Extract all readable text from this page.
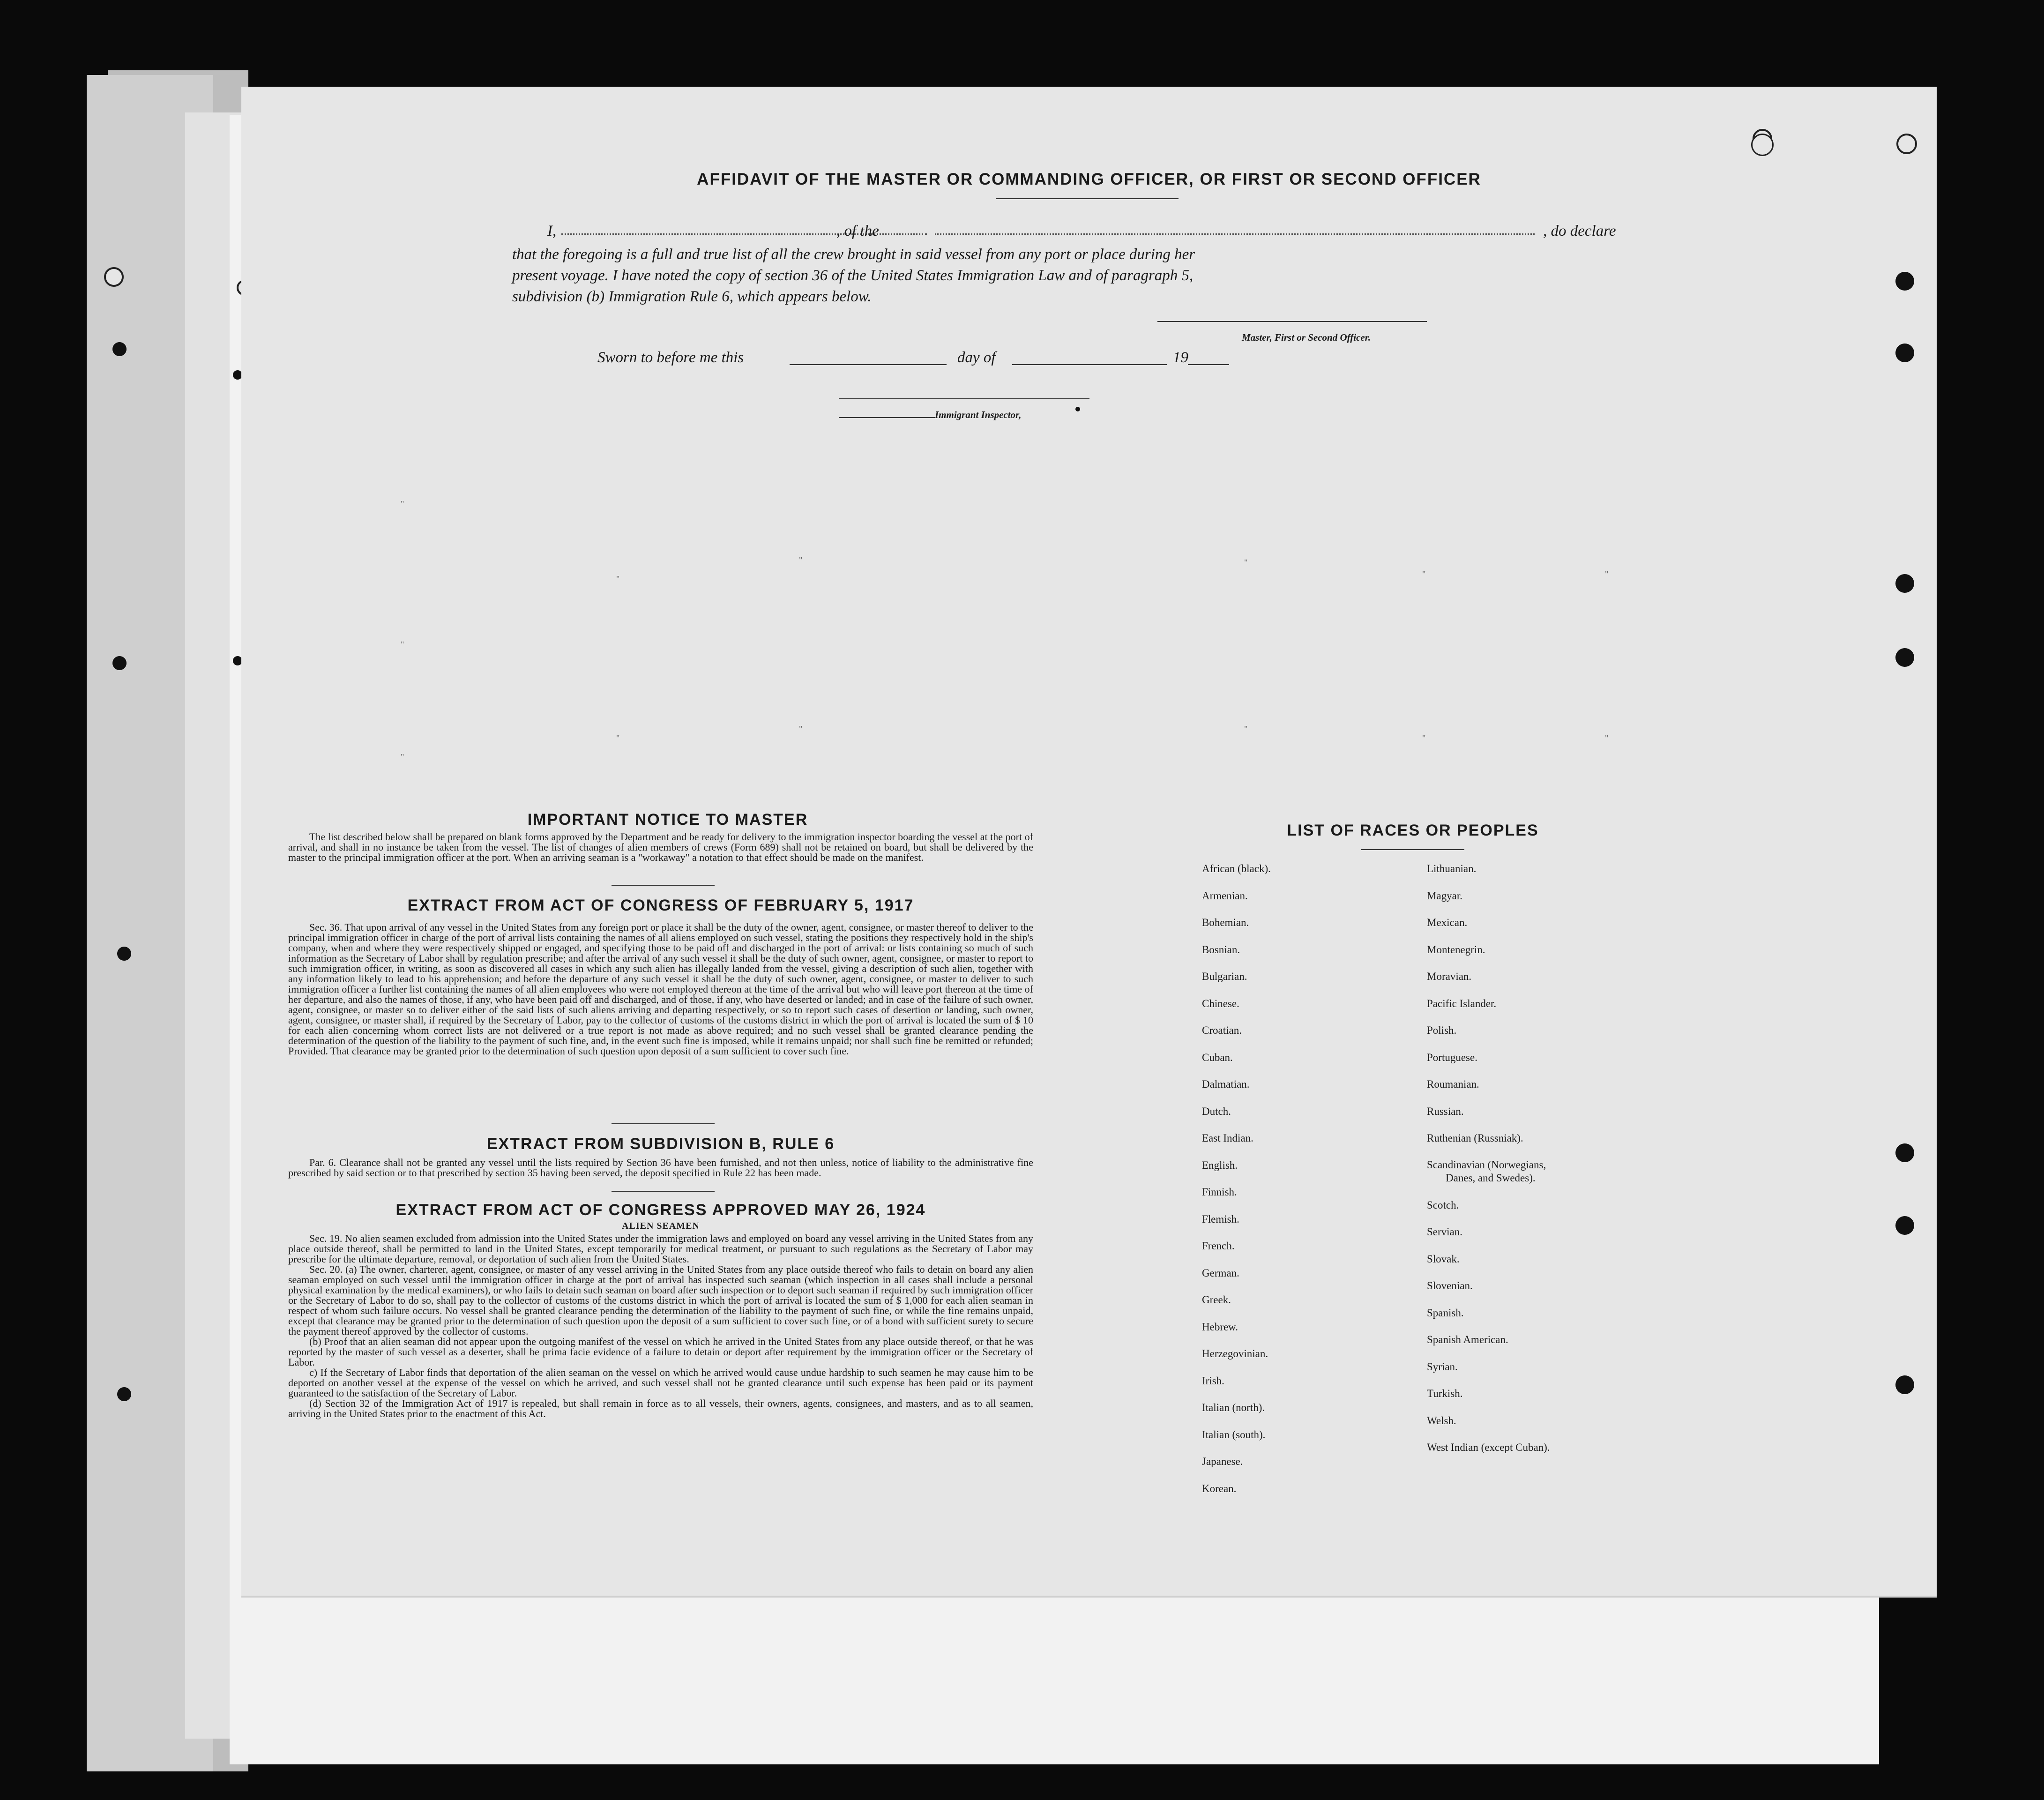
AFFIDAVIT OF THE MASTER OR COMMANDING OFFICER, OR FIRST OR SECOND OFFICER
I,	, of the	, do declare
that the foregoing is a full and true list of all the crew brought in said vessel from any port or place during her
present voyage. I have noted the copy of section 36 of the United States Immigration Law and of paragraph 5,
subdivision (b) Immigration Rule 6, which appears below.
Master, First or Second Officer.
Sworn to before me this	day of	19
Immigrant Inspector,
"
"
"
"
"
"
"
"
"
"
"
"
"
IMPORTANT NOTICE TO MASTER

The list described below shall be prepared on blank forms approved by the Department and be ready for delivery to the immigration inspector boarding the vessel at the port of arrival, and shall in no instance be taken from the vessel. The list of changes of alien members of crews (Form 689) shall not be retained on board, but shall be delivered by the master to the principal immigration officer at the port. When an arriving seaman is a "workaway" a notation to that effect should be made on the manifest.

EXTRACT FROM ACT OF CONGRESS OF FEBRUARY 5, 1917

Sec. 36. That upon arrival of any vessel in the United States from any foreign port or place it shall be the duty of the owner, agent, consignee, or master thereof to deliver to the principal immigration officer in charge of the port of arrival lists containing the names of all aliens employed on such vessel, stating the positions they respectively hold in the ship's company, when and where they were respectively shipped or engaged, and specifying those to be paid off and discharged in the port of arrival: or lists containing so much of such information as the Secretary of Labor shall by regulation prescribe; and after the arrival of any such vessel it shall be the duty of such owner, agent, consignee, or master to report to such immigration officer, in writing, as soon as discovered all cases in which any such alien has illegally landed from the vessel, giving a description of such alien, together with any information likely to lead to his apprehension; and before the departure of any such vessel it shall be the duty of such owner, agent, consignee, or master to deliver to such immigration officer a further list containing the names of all alien employees who were not employed thereon at the time of the arrival but who will leave port thereon at the time of her departure, and also the names of those, if any, who have been paid off and discharged, and of those, if any, who have deserted or landed; and in case of the failure of such owner, agent, consignee, or master so to deliver either of the said lists of such aliens arriving and departing respectively, or so to report such cases of desertion or landing, such owner, agent, consignee, or master shall, if required by the Secretary of Labor, pay to the collector of customs of the customs district in which the port of arrival is located the sum of $ 10 for each alien concerning whom correct lists are not delivered or a true report is not made as above required; and no such vessel shall be granted clearance pending the determination of the question of the liability to the payment of such fine, and, in the event such fine is imposed, while it remains unpaid; nor shall such fine be remitted or refunded; Provided. That clearance may be granted prior to the determination of such question upon deposit of a sum sufficient to cover such fine.

EXTRACT FROM SUBDIVISION B, RULE 6

Par. 6. Clearance shall not be granted any vessel until the lists required by Section 36 have been furnished, and not then unless, notice of liability to the administrative fine prescribed by said section or to that prescribed by section 35 having been served, the deposit specified in Rule 22 has been made.

EXTRACT FROM ACT OF CONGRESS APPROVED MAY 26, 1924
ALIEN SEAMEN

Sec. 19. No alien seamen excluded from admission into the United States under the immigration laws and employed on board any vessel arriving in the United States from any place outside thereof, shall be permitted to land in the United States, except temporarily for medical treatment, or pursuant to such regulations as the Secretary of Labor may prescribe for the ultimate departure, removal, or deportation of such alien from the United States.

Sec. 20. (a) The owner, charterer, agent, consignee, or master of any vessel arriving in the United States from any place outside thereof who fails to detain on board any alien seaman employed on such vessel until the immigration officer in charge at the port of arrival has inspected such seaman (which inspection in all cases shall include a personal physical examination by the medical examiners), or who fails to detain such seaman on board after such inspection or to deport such seaman if required by such immigration officer or the Secretary of Labor to do so, shall pay to the collector of customs of the customs district in which the port of arrival is located the sum of $ 1,000 for each alien seaman in respect of whom such failure occurs. No vessel shall be granted clearance pending the determination of the liability to the payment of such fine, or while the fine remains unpaid, except that clearance may be granted prior to the determination of such question upon the deposit of a sum sufficient to cover such fine, or of a bond with sufficient surety to secure the payment thereof approved by the collector of customs.

(b) Proof that an alien seaman did not appear upon the outgoing manifest of the vessel on which he arrived in the United States from any place outside thereof, or that he was reported by the master of such vessel as a deserter, shall be prima facie evidence of a failure to detain or deport after requirement by the immigration officer or the Secretary of Labor.

c) If the Secretary of Labor finds that deportation of the alien seaman on the vessel on which he arrived would cause undue hardship to such seamen he may cause him to be deported on another vessel at the expense of the vessel on which he arrived, and such vessel shall not be granted clearance until such expense has been paid or its payment guaranteed to the satisfaction of the Secretary of Labor.

(d) Section 32 of the Immigration Act of 1917 is repealed, but shall remain in force as to all vessels, their owners, agents, consignees, and masters, and as to all seamen, arriving in the United States prior to the enactment of this Act.

LIST OF RACES OR PEOPLES
African (black).
Armenian.
Bohemian.
Bosnian.
Bulgarian.
Chinese.
Croatian.
Cuban.
Dalmatian.
Dutch.
East Indian.
English.
Finnish.
Flemish.
French.
German.
Greek.
Hebrew.
Herzegovinian.
Irish.
Italian (north).
Italian (south).
Japanese.
Korean.
Lithuanian.
Magyar.
Mexican.
Montenegrin.
Moravian.
Pacific Islander.
Polish.
Portuguese.
Roumanian.
Russian.
Ruthenian (Russniak).
Scandinavian (Norwegians,
Danes, and Swedes).
Scotch.
Servian.
Slovak.
Slovenian.
Spanish.
Spanish American.
Syrian.
Turkish.
Welsh.
West Indian (except Cuban).
